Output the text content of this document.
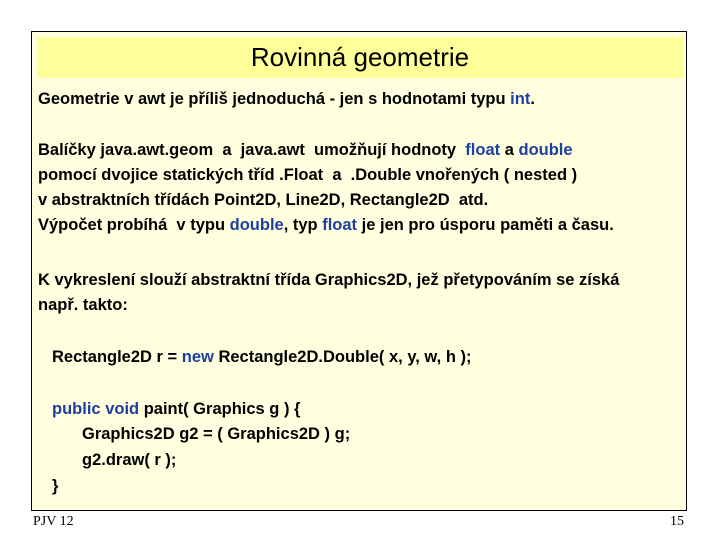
Rovinná geometrie
Geometrie v awt je příliš jednoduchá - jen s hodnotami typu int.
Balíčky java.awt.geom  a  java.awt  umožňují hodnoty  float a double
pomocí dvojice statických tříd .Float  a  .Double vnořených ( nested )
v abstraktních třídách Point2D, Line2D, Rectangle2D  atd.
Výpočet probíhá  v typu double, typ float je jen pro úsporu paměti a času.
K vykreslení slouží abstraktní třída Graphics2D, jež přetypováním se získá
např. takto:
Rectangle2D r = new Rectangle2D.Double( x, y, w, h );
public void paint( Graphics g ) {
Graphics2D g2 = ( Graphics2D ) g;
g2.draw( r );
}
PJV 12	15
